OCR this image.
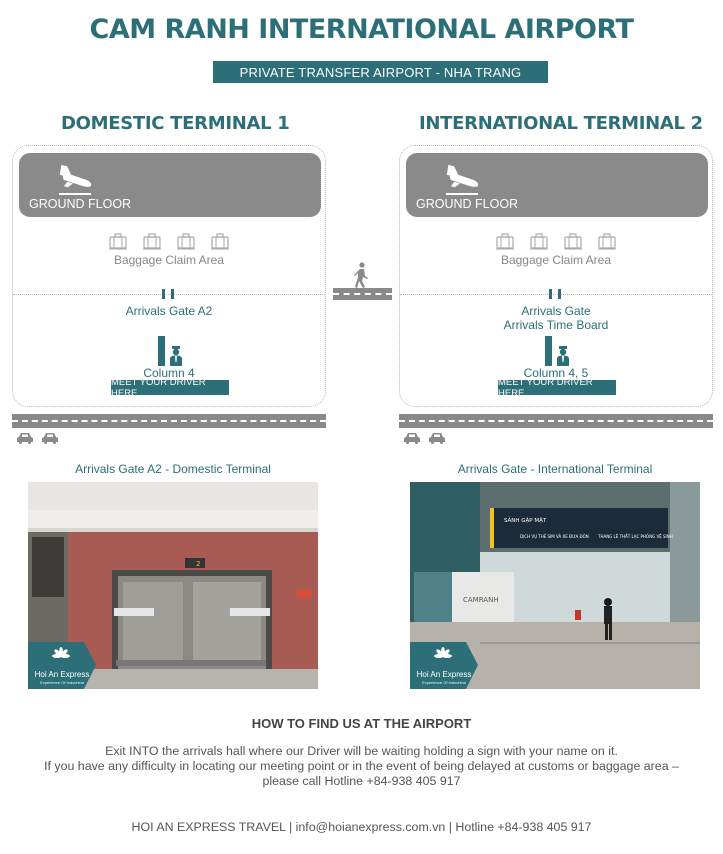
CAM RANH INTERNATIONAL AIRPORT
PRIVATE TRANSFER AIRPORT - NHA TRANG
DOMESTIC TERMINAL 1	INTERNATIONAL TERMINAL 2
GROUND FLOOR
Baggage Claim Area
Arrivals Gate A2
Column 4
MEET YOUR DRIVER HERE
GROUND FLOOR
Baggage Claim Area
Arrivals Gate
Arrivals Time Board
Column 4, 5
MEET YOUR DRIVER HERE
Arrivals Gate A2 - Domestic Terminal	Arrivals Gate - International Terminal
2
Hoi An Express
Experience Of Indochina
SẢNH GẶP MẶT
DỊCH VỤ THẺ SIM VÀ XE ĐƯA ĐÓN THANG LÊ THẤT LẠC PHÒNG VỆ SINH
CAMRANH
Hoi An Express
Experience Of Indochina
HOW TO FIND US AT THE AIRPORT
Exit INTO the arrivals hall where our Driver will be waiting holding a sign with your name on it.
If you have any difficulty in locating our meeting point or in the event of being delayed at customs or baggage area –
please call Hotline +84-938 405 917
HOI AN EXPRESS TRAVEL | info@hoianexpress.com.vn | Hotline +84-938 405 917
